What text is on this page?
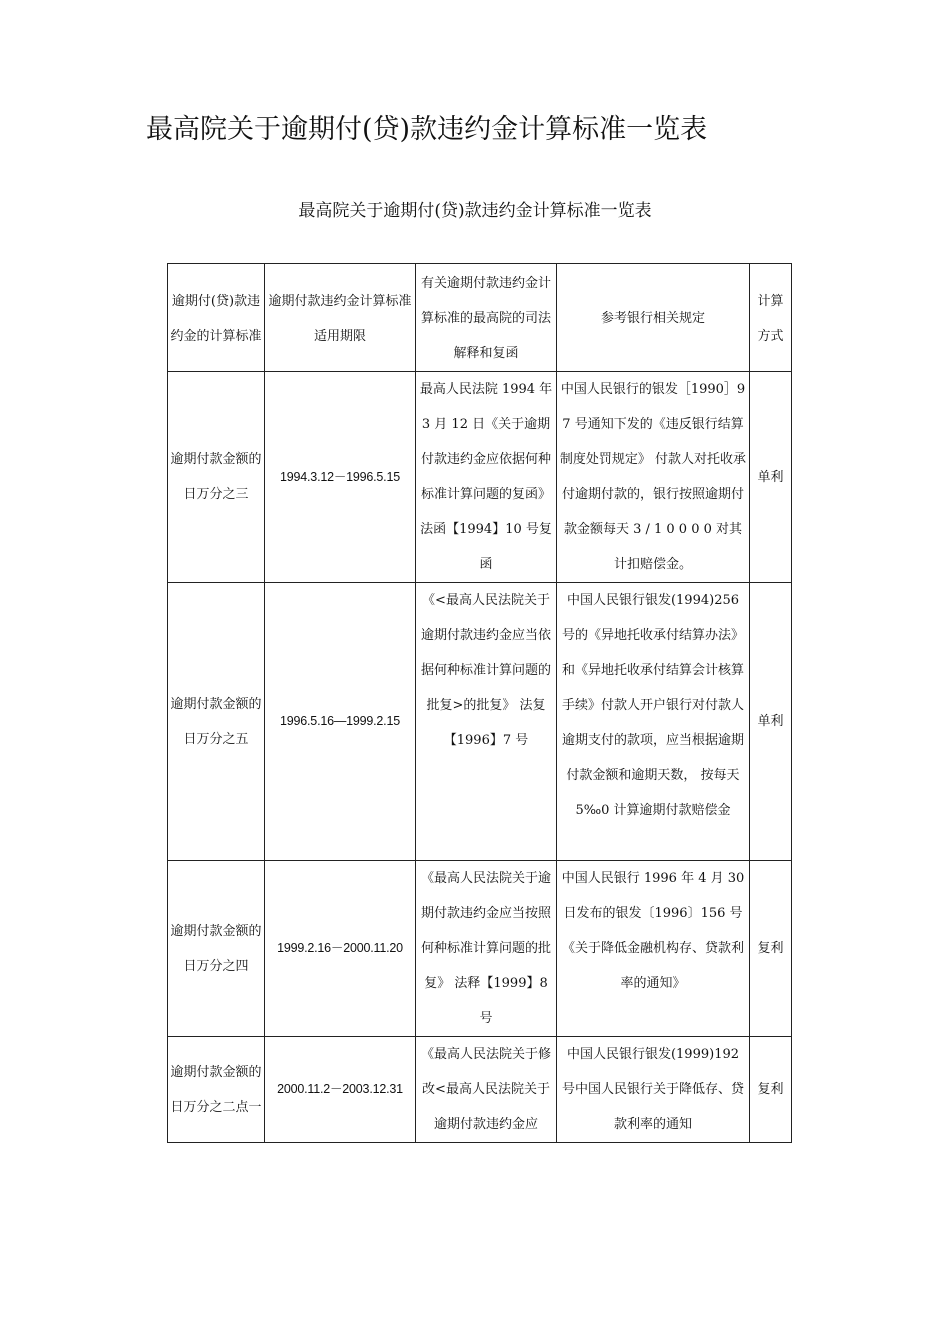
最高院关于逾期付(贷)款违约金计算标准一览表
最高院关于逾期付(贷)款违约金计算标准一览表
逾期付(贷)款违约金的计算标准	逾期付款违约金计算标准适用期限	有关逾期付款违约金计算标准的最高院的司法解释和复函	参考银行相关规定	计算方式
逾期付款金额的日万分之三	1994.3.12－1996.5.15	最高人民法院 1994 年 3 月 12 日《关于逾期付款违约金应依据何种标准计算问题的复函》法函【1994】10 号复函	中国人民银行的银发［1990］97 号通知下发的《违反银行结算制度处罚规定》 付款人对托收承付逾期付款的，银行按照逾期付款金额每天 3 / 1 0 0 0 0 对其计扣赔偿金。	单利
逾期付款金额的日万分之五	1996.5.16—1999.2.15	《<最高人民法院关于逾期付款违约金应当依据何种标准计算问题的批复>的批复》 法复【1996】7 号	中国人民银行银发(1994)256 号的《异地托收承付结算办法》和《异地托收承付结算会计核算手续》付款人开户银行对付款人逾期支付的款项，应当根据逾期付款金额和逾期天数， 按每天 5‰0 计算逾期付款赔偿金	单利
逾期付款金额的日万分之四	1999.2.16－2000.11.20	《最高人民法院关于逾期付款违约金应当按照何种标准计算问题的批复》 法释【1999】8 号	中国人民银行 1996 年 4 月 30 日发布的银发〔1996〕156 号《关于降低金融机构存、贷款利率的通知》	复利
逾期付款金额的日万分之二点一	2000.11.2－2003.12.31	《最高人民法院关于修改<最高人民法院关于逾期付款违约金应	中国人民银行银发(1999)192 号中国人民银行关于降低存、贷款利率的通知	复利
